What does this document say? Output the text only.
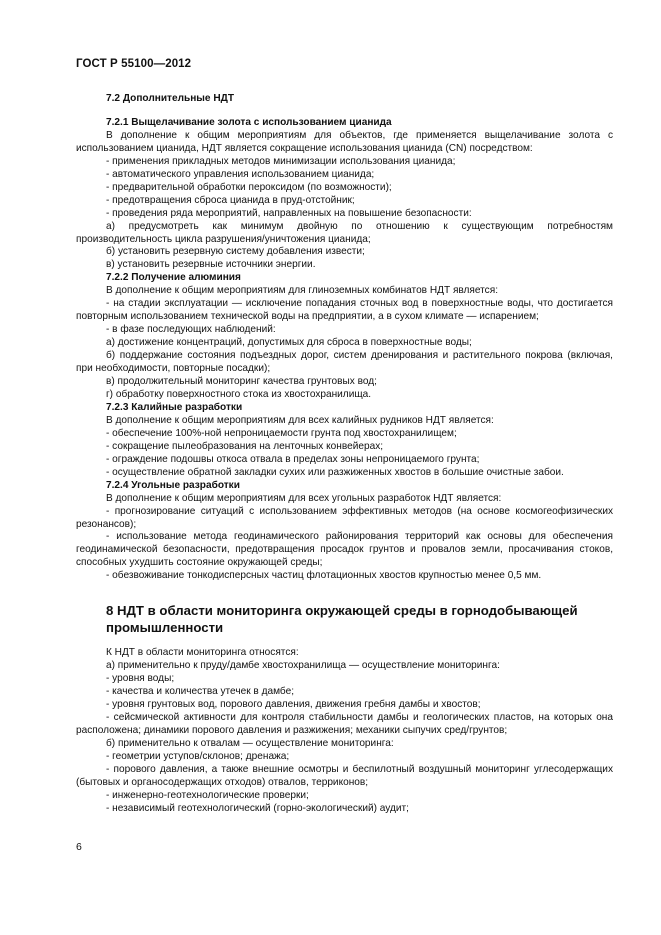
ГОСТ Р 55100—2012
7.2 Дополнительные НДТ
7.2.1 Выщелачивание золота с использованием цианида
В дополнение к общим мероприятиям для объектов, где применяется выщелачивание золота с использованием цианида, НДТ является сокращение использования цианида (CN) посредством:
- применения прикладных методов минимизации использования цианида;
- автоматического управления использованием цианида;
- предварительной обработки пероксидом (по возможности);
- предотвращения сброса цианида в пруд-отстойник;
- проведения ряда мероприятий, направленных на повышение безопасности:
а) предусмотреть как минимум двойную по отношению к существующим потребностям производительность цикла разрушения/уничтожения цианида;
б) установить резервную систему добавления извести;
в) установить резервные источники энергии.
7.2.2 Получение алюминия
В дополнение к общим мероприятиям для глиноземных комбинатов НДТ является:
- на стадии эксплуатации — исключение попадания сточных вод в поверхностные воды, что достигается повторным использованием технической воды на предприятии, а в сухом климате — испарением;
- в фазе последующих наблюдений:
а) достижение концентраций, допустимых для сброса в поверхностные воды;
б) поддержание состояния подъездных дорог, систем дренирования и растительного покрова (включая, при необходимости, повторные посадки);
в) продолжительный мониторинг качества грунтовых вод;
г) обработку поверхностного стока из хвостохранилища.
7.2.3 Калийные разработки
В дополнение к общим мероприятиям для всех калийных рудников НДТ является:
- обеспечение 100%-ной непроницаемости грунта под хвостохранилищем;
- сокращение пылеобразования на ленточных конвейерах;
- ограждение подошвы откоса отвала в пределах зоны непроницаемого грунта;
- осуществление обратной закладки сухих или разжиженных хвостов в большие очистные забои.
7.2.4 Угольные разработки
В дополнение к общим мероприятиям для всех угольных разработок НДТ является:
- прогнозирование ситуаций с использованием эффективных методов (на основе космогеофизических резонансов);
- использование метода геодинамического районирования территорий как основы для обеспечения геодинамической безопасности, предотвращения просадок грунтов и провалов земли, просачивания стоков, способных ухудшить состояние окружающей среды;
- обезвоживание тонкодисперсных частиц флотационных хвостов крупностью менее 0,5 мм.
8 НДТ в области мониторинга окружающей среды в горнодобывающей промышленности
К НДТ в области мониторинга относятся:
а) применительно к пруду/дамбе хвостохранилища — осуществление мониторинга:
- уровня воды;
- качества и количества утечек в дамбе;
- уровня грунтовых вод, порового давления, движения гребня дамбы и хвостов;
- сейсмической активности для контроля стабильности дамбы и геологических пластов, на которых она расположена; динамики порового давления и разжижения; механики сыпучих сред/грунтов;
б) применительно к отвалам — осуществление мониторинга:
- геометрии уступов/склонов; дренажа;
- порового давления, а также внешние осмотры и беспилотный воздушный мониторинг углесодержащих (бытовых и органосодержащих отходов) отвалов, терриконов;
- инженерно-геотехнологические проверки;
- независимый геотехнологический (горно-экологический) аудит;
6
